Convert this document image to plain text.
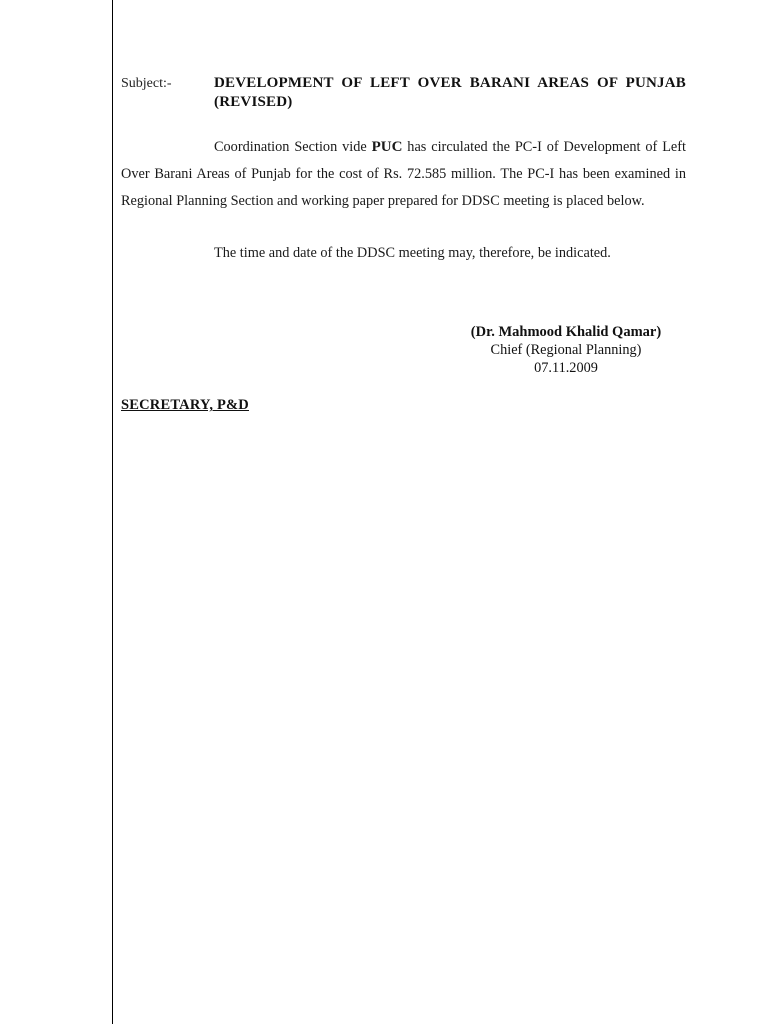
Subject:-	DEVELOPMENT OF LEFT OVER BARANI AREAS OF PUNJAB
(REVISED)

Coordination Section vide PUC has circulated the PC-I of Development of Left Over Barani Areas of Punjab for the cost of Rs. 72.585 million. The PC-I has been examined in Regional Planning Section and working paper prepared for DDSC meeting is placed below.

The time and date of the DDSC meeting may, therefore, be indicated.

(Dr. Mahmood Khalid Qamar)
Chief (Regional Planning)
07.11.2009
SECRETARY, P&D
